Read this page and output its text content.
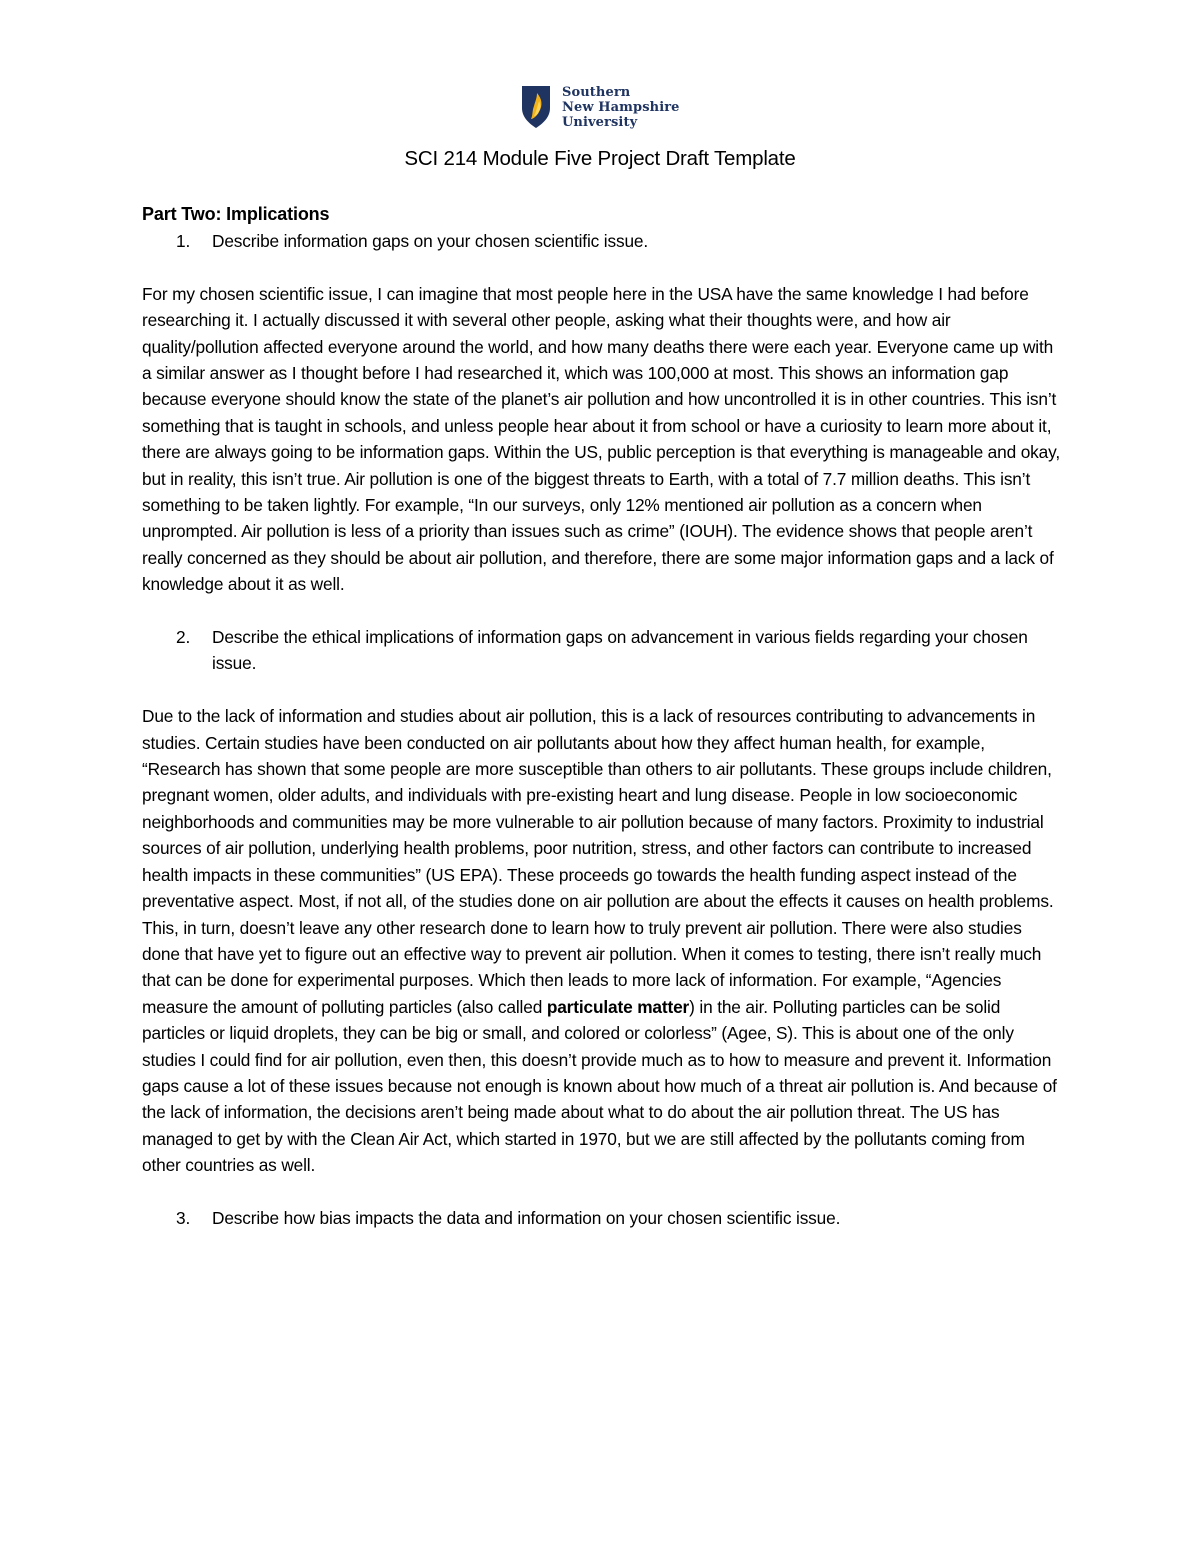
Southern
New Hampshire
University
SCI 214 Module Five Project Draft Template

Part Two: Implications

1. Describe information gaps on your chosen scientific issue.

For my chosen scientific issue, I can imagine that most people here in the USA have the same knowledge I had before researching it. I actually discussed it with several other people, asking what their thoughts were, and how air quality/pollution affected everyone around the world, and how many deaths there were each year. Everyone came up with a similar answer as I thought before I had researched it, which was 100,000 at most. This shows an information gap because everyone should know the state of the planet’s air pollution and how uncontrolled it is in other countries. This isn’t something that is taught in schools, and unless people hear about it from school or have a curiosity to learn more about it, there are always going to be information gaps. Within the US, public perception is that everything is manageable and okay, but in reality, this isn’t true. Air pollution is one of the biggest threats to Earth, with a total of 7.7 million deaths. This isn’t something to be taken lightly. For example, “In our surveys, only 12% mentioned air pollution as a concern when unprompted. Air pollution is less of a priority than issues such as crime” (IOUH). The evidence shows that people aren’t really concerned as they should be about air pollution, and therefore, there are some major information gaps and a lack of knowledge about it as well.

2. Describe the ethical implications of information gaps on advancement in various fields regarding your chosen issue.

Due to the lack of information and studies about air pollution, this is a lack of resources contributing to advancements in studies. Certain studies have been conducted on air pollutants about how they affect human health, for example, “Research has shown that some people are more susceptible than others to air pollutants. These groups include children, pregnant women, older adults, and individuals with pre-existing heart and lung disease. People in low socioeconomic neighborhoods and communities may be more vulnerable to air pollution because of many factors. Proximity to industrial sources of air pollution, underlying health problems, poor nutrition, stress, and other factors can contribute to increased health impacts in these communities” (US EPA). These proceeds go towards the health funding aspect instead of the preventative aspect. Most, if not all, of the studies done on air pollution are about the effects it causes on health problems. This, in turn, doesn’t leave any other research done to learn how to truly prevent air pollution. There were also studies done that have yet to figure out an effective way to prevent air pollution. When it comes to testing, there isn’t really much that can be done for experimental purposes. Which then leads to more lack of information. For example, “Agencies measure the amount of polluting particles (also called particulate matter) in the air. Polluting particles can be solid particles or liquid droplets, they can be big or small, and colored or colorless” (Agee, S). This is about one of the only studies I could find for air pollution, even then, this doesn’t provide much as to how to measure and prevent it. Information gaps cause a lot of these issues because not enough is known about how much of a threat air pollution is. And because of the lack of information, the decisions aren’t being made about what to do about the air pollution threat. The US has managed to get by with the Clean Air Act, which started in 1970, but we are still affected by the pollutants coming from other countries as well.

3. Describe how bias impacts the data and information on your chosen scientific issue.
